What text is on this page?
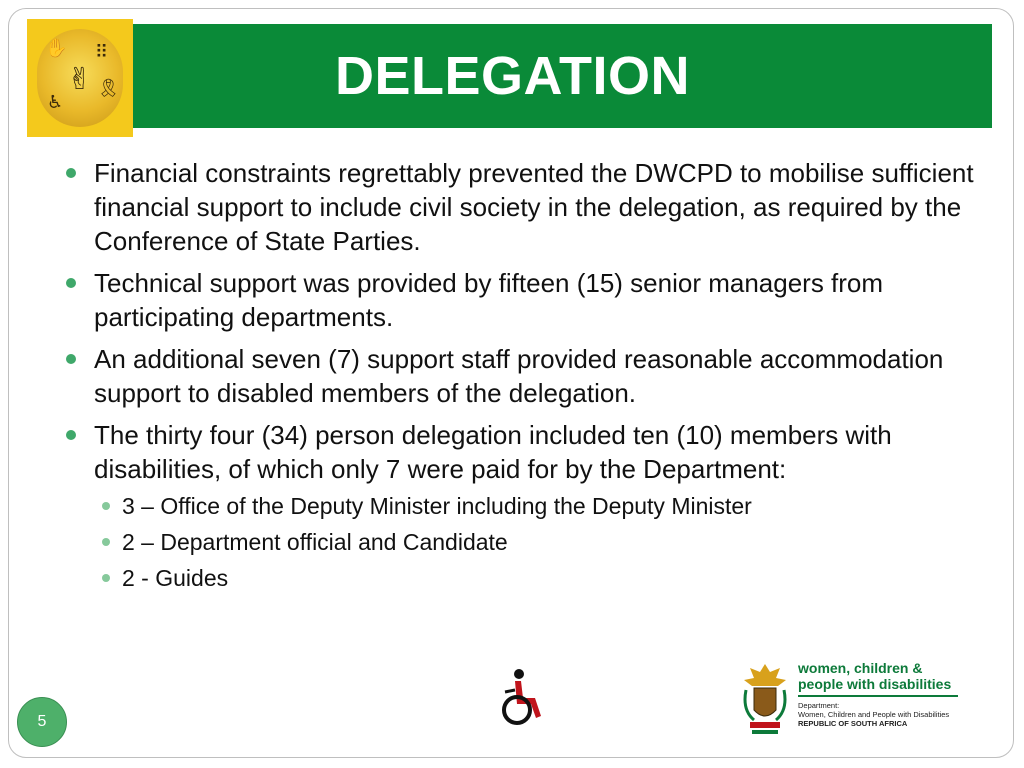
✋ ⠿
✌ 🎗
♿	DELEGATION
Financial constraints regrettably prevented the DWCPD to mobilise sufficient financial support to include civil society in the delegation, as required by the Conference of State Parties.
Technical support was provided by fifteen (15) senior managers from participating departments.
An additional seven (7) support staff provided reasonable accommodation support to disabled members of the delegation.
The thirty four (34) person delegation included ten (10) members with disabilities, of which only 7 were paid for by the Department:
3 – Office of the Deputy Minister including the Deputy Minister
2 – Department official and Candidate
2 - Guides
5
women, children &
people with disabilities
Department:
Women, Children and People with Disabilities
REPUBLIC OF SOUTH AFRICA
